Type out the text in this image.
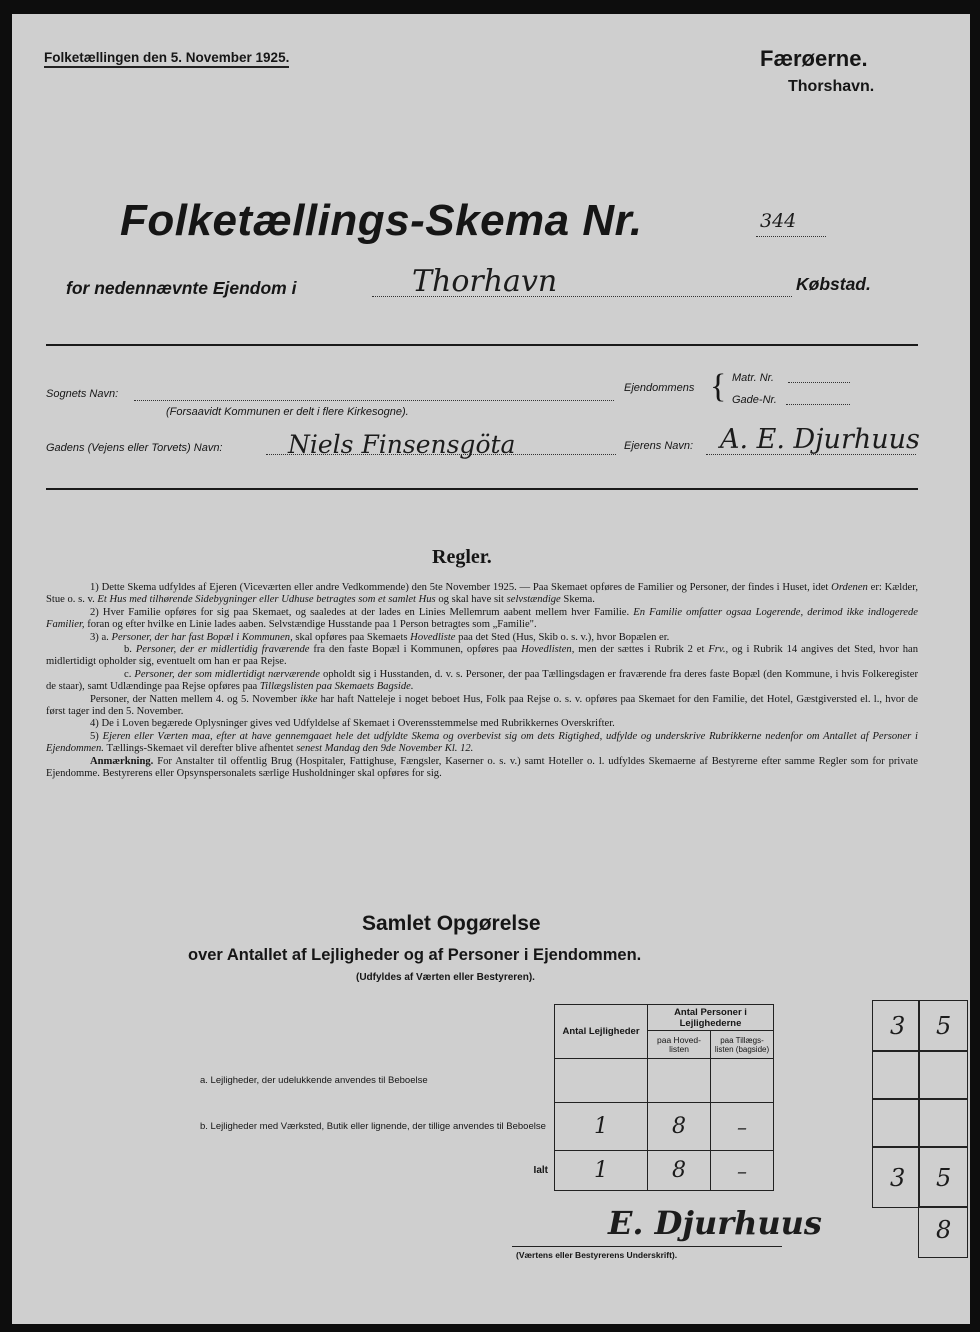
Folketællingen den 5. November 1925.	Færøerne.
Thorshavn.
Folketællings-Skema Nr.	344
for nedennævnte Ejendom i	Thorhavn	Købstad.
Sognets Navn:
(Forsaavidt Kommunen er delt i flere Kirkesogne).
Ejendommens { Matr. Nr.
Gade-Nr.
Gadens (Vejens eller Torvets) Navn:	Niels Finsensgöta	Ejerens Navn: A. E. Djurhuus
Regler.

1) Dette Skema udfyldes af Ejeren (Viceværten eller andre Vedkommende) den 5te November 1925. — Paa Skemaet opføres de Familier og Personer, der findes i Huset, idet Ordenen er: Kælder, Stue o. s. v. Et Hus med tilhørende Sidebygninger eller Udhuse betragtes som et samlet Hus og skal have sit selvstændige Skema.

2) Hver Familie opføres for sig paa Skemaet, og saaledes at der lades en Linies Mellemrum aabent mellem hver Familie. En Familie omfatter ogsaa Logerende, derimod ikke indlogerede Familier, foran og efter hvilke en Linie lades aaben. Selvstændige Husstande paa 1 Person betragtes som „Familie".

3) a. Personer, der har fast Bopæl i Kommunen, skal opføres paa Skemaets Hovedliste paa det Sted (Hus, Skib o. s. v.), hvor Bopælen er.

b. Personer, der er midlertidig fraværende fra den faste Bopæl i Kommunen, opføres paa Hovedlisten, men der sættes i Rubrik 2 et Frv., og i Rubrik 14 angives det Sted, hvor han midlertidigt opholder sig, eventuelt om han er paa Rejse.

c. Personer, der som midlertidigt nærværende opholdt sig i Husstanden, d. v. s. Personer, der paa Tællingsdagen er fraværende fra deres faste Bopæl (den Kommune, i hvis Folkeregister de staar), samt Udlændinge paa Rejse opføres paa Tillægslisten paa Skemaets Bagside.

Personer, der Natten mellem 4. og 5. November ikke har haft Natteleje i noget beboet Hus, Folk paa Rejse o. s. v. opføres paa Skemaet for den Familie, det Hotel, Gæstgiversted el. l., hvor de først tager ind den 5. November.

4) De i Loven begærede Oplysninger gives ved Udfyldelse af Skemaet i Overensstemmelse med Rubrikkernes Overskrifter.

5) Ejeren eller Værten maa, efter at have gennemgaaet hele det udfyldte Skema og overbevist sig om dets Rigtighed, udfylde og underskrive Rubrikkerne nedenfor om Antallet af Personer i Ejendommen. Tællings-Skemaet vil derefter blive afhentet senest Mandag den 9de November Kl. 12.

Anmærkning. For Anstalter til offentlig Brug (Hospitaler, Fattighuse, Fængsler, Kaserner o. s. v.) samt Hoteller o. l. udfyldes Skemaerne af Bestyrerne efter samme Regler som for private Ejendomme. Bestyrerens eller Opsynspersonalets særlige Husholdninger skal opføres for sig.

Samlet Opgørelse
over Antallet af Lejligheder og af Personer i Ejendommen.
(Udfyldes af Værten eller Bestyreren).
	Antal Lejligheder	Antal Personer i Lejlighederne	
		paa Hoved-listen	paa Tillægs-listen (bagside)
a. Lejligheder, der udelukkende anvendes til Beboelse			
b. Lejligheder med Værksted, Butik eller lignende, der tillige anvendes til Beboelse	1	8	–
Ialt	1	8	–
E. Djurhuus
(Værtens eller Bestyrerens Underskrift).
3 5
3 5
8
